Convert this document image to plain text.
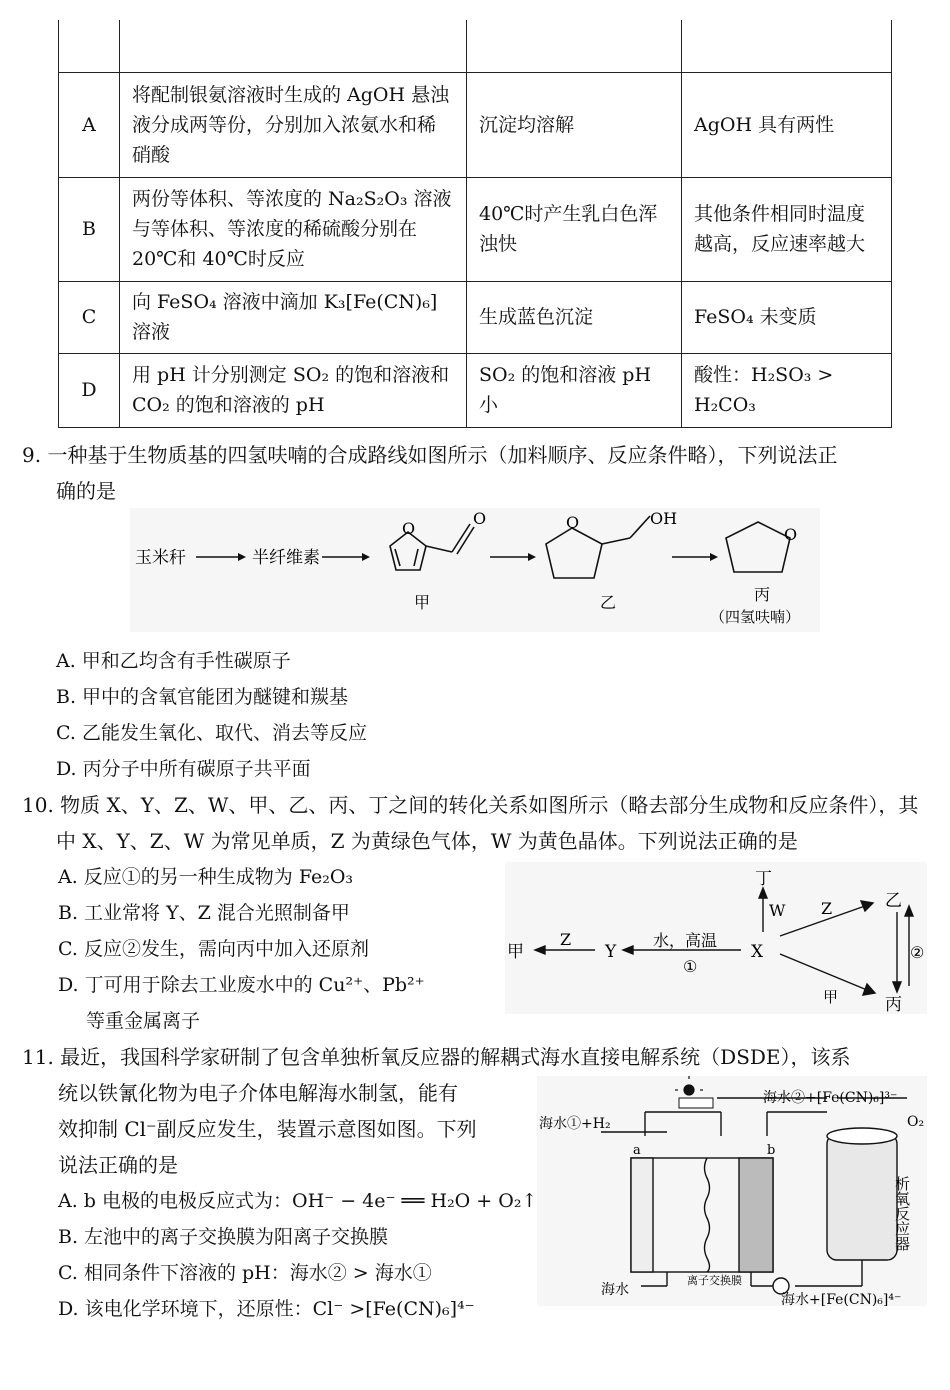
A	将配制银氨溶液时生成的 AgOH 悬浊液分成两等份，分别加入浓氨水和稀硝酸	沉淀均溶解	AgOH 具有两性
B	两份等体积、等浓度的 Na₂S₂O₃ 溶液与等体积、等浓度的稀硫酸分别在 20℃和 40℃时反应	40℃时产生乳白色浑浊快	其他条件相同时温度越高，反应速率越大
C	向 FeSO₄ 溶液中滴加 K₃[Fe(CN)₆]溶液	生成蓝色沉淀	FeSO₄ 未变质
D	用 pH 计分别测定 SO₂ 的饱和溶液和 CO₂ 的饱和溶液的 pH	SO₂ 的饱和溶液 pH 小	酸性：H₂SO₃ > H₂CO₃
9. 一种基于生物质基的四氢呋喃的合成路线如图所示（加料顺序、反应条件略），下列说法正
确的是
玉米秆	半纤维素
O
O
甲
O	OH
乙
O
丙
（四氢呋喃）
A. 甲和乙均含有手性碳原子
B. 甲中的含氧官能团为醚键和羰基
C. 乙能发生氧化、取代、消去等反应
D. 丙分子中所有碳原子共平面
10. 物质 X、Y、Z、W、甲、乙、丙、丁之间的转化关系如图所示（略去部分生成物和反应条件），其
中 X、Y、Z、W 为常见单质，Z 为黄绿色气体，W 为黄色晶体。下列说法正确的是
A. 反应①的另一种生成物为 Fe₂O₃
B. 工业常将 Y、Z 混合光照制备甲
C. 反应②发生，需向丙中加入还原剂
D. 丁可用于除去工业废水中的 Cu²⁺、Pb²⁺
等重金属离子
丁
W Z	乙
甲
Z
Y
水，高温
①
X
甲	丙
②
11. 最近，我国科学家研制了包含单独析氧反应器的解耦式海水直接电解系统（DSDE），该系
统以铁氰化物为电子介体电解海水制氢，能有
效抑制 Cl⁻副反应发生，装置示意图如图。下列
说法正确的是
A. b 电极的电极反应式为：OH⁻ − 4e⁻ ══ H₂O + O₂↑
B. 左池中的离子交换膜为阳离子交换膜
C. 相同条件下溶液的 pH：海水② > 海水①
D. 该电化学环境下，还原性：Cl⁻ >[Fe(CN)₆]⁴⁻
海水①+H₂
海水②+[Fe(CN)₆]³⁻
O₂
a	b
析氧反应器
离子交换膜
海水
海水+[Fe(CN)₆]⁴⁻
